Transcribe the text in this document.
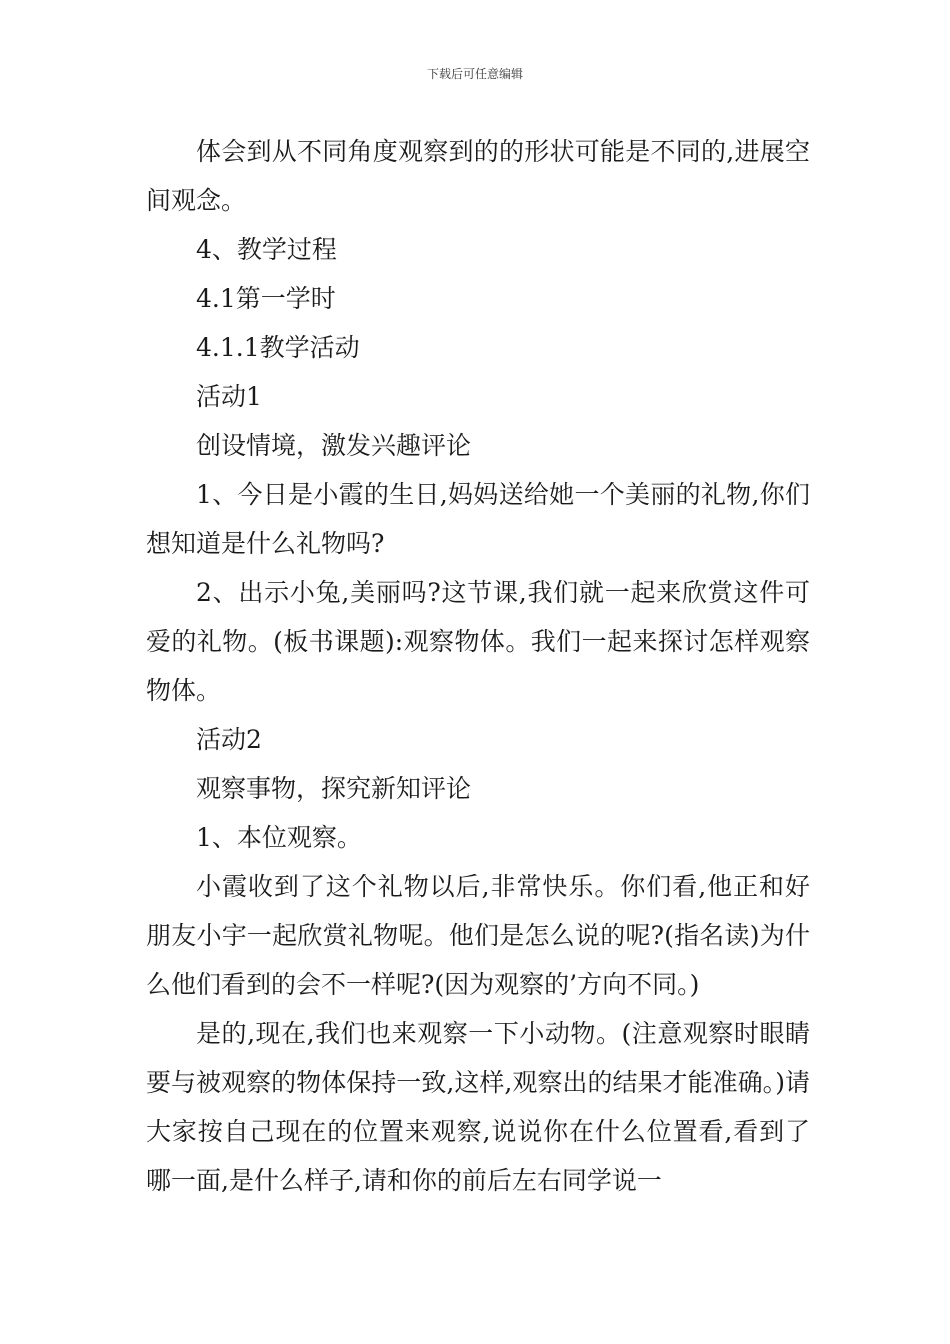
下载后可任意编辑

体会到从不同角度观察到的的形状可能是不同的,进展空间观念。

4、教学过程

4.1第一学时

4.1.1教学活动

活动1

创设情境，激发兴趣评论

1、今日是小霞的生日,妈妈送给她一个美丽的礼物,你们想知道是什么礼物吗?

2、出示小兔,美丽吗?这节课,我们就一起来欣赏这件可爱的礼物。(板书课题):观察物体。我们一起来探讨怎样观察物体。

活动2

观察事物，探究新知评论

1、本位观察。

小霞收到了这个礼物以后,非常快乐。你们看,他正和好朋友小宇一起欣赏礼物呢。他们是怎么说的呢?(指名读)为什么他们看到的会不一样呢?(因为观察的’方向不同。)

是的,现在,我们也来观察一下小动物。(注意观察时眼睛要与被观察的物体保持一致,这样,观察出的结果才能准确。)请大家按自己现在的位置来观察,说说你在什么位置看,看到了哪一面,是什么样子,请和你的前后左右同学说一
